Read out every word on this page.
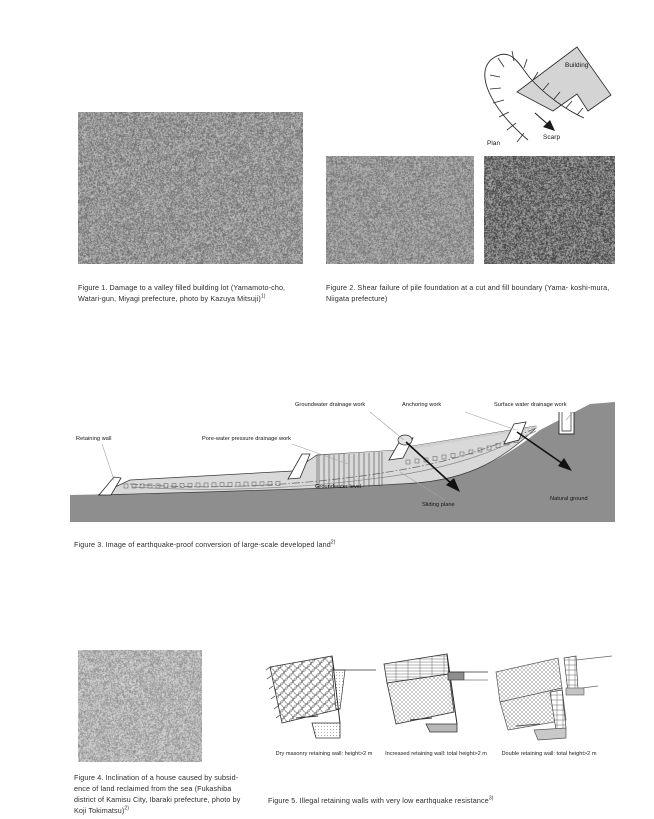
Building
Plan
Scarp
Figure 1. Damage to a valley filled building lot (Yamamoto-cho, Watari-gun, Miyagi prefecture, photo by Kazuya Mitsuji)$^{1)}$
Figure 2. Shear failure of pile foundation at a cut and fill boundary (Yama- koshi-mura, Niigata prefecture)
Retaining wall	Pore-water pressure drainage work
Groundwater drainage work	Anchoring work	Surface water drainage work
Groundwater level
Sliding plane
Natural ground
Figure 3. Image of earthquake-proof conversion of large-scale developed land$^{2)}$
Figure 4. Inclination of a house caused by subsid- ence of land reclaimed from the sea (Fukashiba district of Kamisu City, Ibaraki prefecture, photo by Koji Tokimatsu)$^{2)}$
Dry masonry retaining wall: height>2 m	Increased retaining wall: total height>2 m	Double retaining wall: total height>2 m
Figure 5. Illegal retaining walls with very low earthquake resistance$^{3)}$
